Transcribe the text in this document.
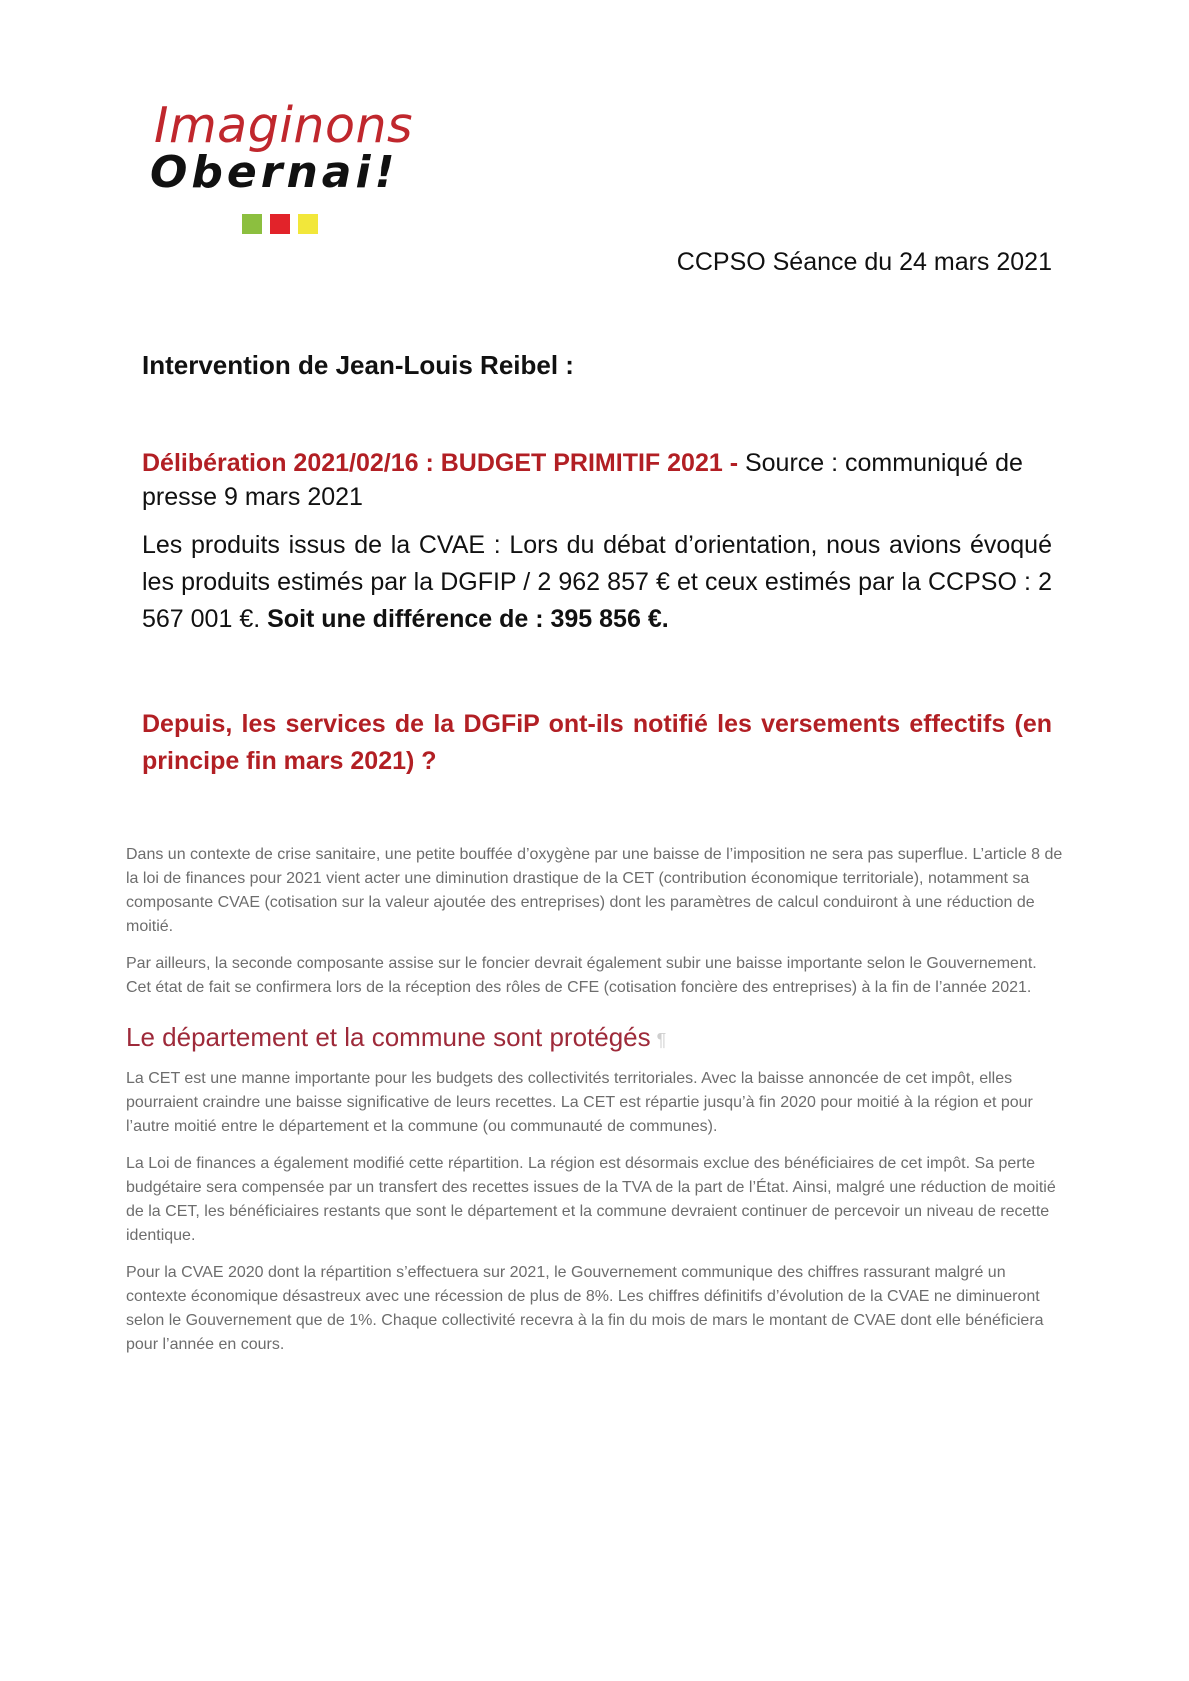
Imaginons
Obernai!
CCPSO Séance du 24 mars 2021
Intervention de Jean-Louis Reibel :
Délibération 2021/02/16 : BUDGET PRIMITIF 2021 - Source : communiqué de presse 9 mars 2021
Les produits issus de la CVAE : Lors du débat d’orientation, nous avions évoqué les produits estimés par la DGFIP / 2 962 857 € et ceux estimés par la CCPSO : 2 567 001 €. Soit une différence de : 395 856 €.
Depuis, les services de la DGFiP ont-ils notifié les versements effectifs (en principe fin mars 2021) ?

Dans un contexte de crise sanitaire, une petite bouffée d’oxygène par une baisse de l’imposition ne sera pas superflue. L’article 8 de

la loi de finances pour 2021 vient acter une diminution drastique de la CET (contribution économique territoriale), notamment sa

composante CVAE (cotisation sur la valeur ajoutée des entreprises) dont les paramètres de calcul conduiront à une réduction de

moitié.

Par ailleurs, la seconde composante assise sur le foncier devrait également subir une baisse importante selon le Gouvernement.

Cet état de fait se confirmera lors de la réception des rôles de CFE (cotisation foncière des entreprises) à la fin de l’année 2021.

Le département et la commune sont protégés ¶

La CET est une manne importante pour les budgets des collectivités territoriales. Avec la baisse annoncée de cet impôt, elles

pourraient craindre une baisse significative de leurs recettes. La CET est répartie jusqu’à fin 2020 pour moitié à la région et pour

l’autre moitié entre le département et la commune (ou communauté de communes).

La Loi de finances a également modifié cette répartition. La région est désormais exclue des bénéficiaires de cet impôt. Sa perte

budgétaire sera compensée par un transfert des recettes issues de la TVA de la part de l’État. Ainsi, malgré une réduction de moitié

de la CET, les bénéficiaires restants que sont le département et la commune devraient continuer de percevoir un niveau de recette

identique.

Pour la CVAE 2020 dont la répartition s’effectuera sur 2021, le Gouvernement communique des chiffres rassurant malgré un

contexte économique désastreux avec une récession de plus de 8%. Les chiffres définitifs d’évolution de la CVAE ne diminueront

selon le Gouvernement que de 1%. Chaque collectivité recevra à la fin du mois de mars le montant de CVAE dont elle bénéficiera

pour l’année en cours.
